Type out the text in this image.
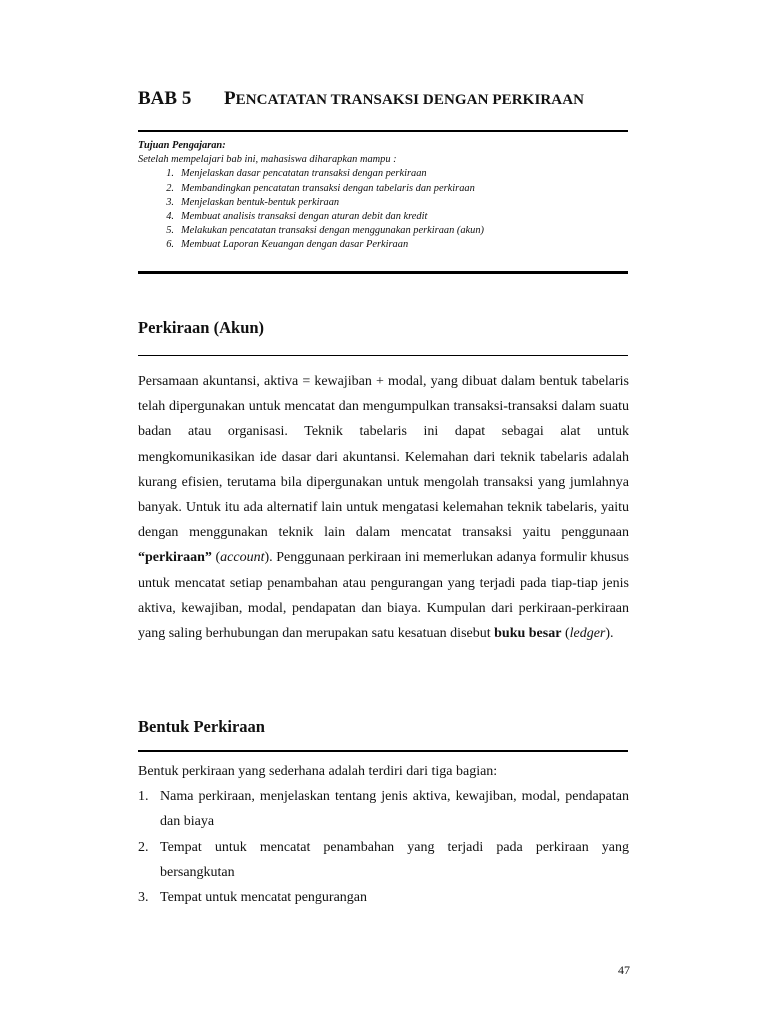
BAB 5 PENCATATAN TRANSAKSI DENGAN PERKIRAAN
Tujuan Pengajaran:
Setelah mempelajari bab ini, mahasiswa diharapkan mampu :
1. Menjelaskan dasar pencatatan transaksi dengan perkiraan
2. Membandingkan pencatatan transaksi dengan tabelaris dan perkiraan
3. Menjelaskan bentuk-bentuk perkiraan
4. Membuat analisis transaksi dengan aturan debit dan kredit
5. Melakukan pencatatan transaksi dengan menggunakan perkiraan (akun)
6. Membuat Laporan Keuangan dengan dasar Perkiraan
Perkiraan (Akun)
Persamaan akuntansi, aktiva = kewajiban + modal, yang dibuat dalam bentuk tabelaris telah dipergunakan untuk mencatat dan mengumpulkan transaksi-transaksi dalam suatu badan atau organisasi. Teknik tabelaris ini dapat sebagai alat untuk mengkomunikasikan ide dasar dari akuntansi. Kelemahan dari teknik tabelaris adalah kurang efisien, terutama bila dipergunakan untuk mengolah transaksi yang jumlahnya banyak. Untuk itu ada alternatif lain untuk mengatasi kelemahan teknik tabelaris, yaitu dengan menggunakan teknik lain dalam mencatat transaksi yaitu penggunaan “perkiraan” (account). Penggunaan perkiraan ini memerlukan adanya formulir khusus untuk mencatat setiap penambahan atau pengurangan yang terjadi pada tiap-tiap jenis aktiva, kewajiban, modal, pendapatan dan biaya. Kumpulan dari perkiraan-perkiraan yang saling berhubungan dan merupakan satu kesatuan disebut buku besar (ledger).
Bentuk Perkiraan
Bentuk perkiraan yang sederhana adalah terdiri dari tiga bagian:
1. Nama perkiraan, menjelaskan tentang jenis aktiva, kewajiban, modal, pendapatan dan biaya
2. Tempat untuk mencatat penambahan yang terjadi pada perkiraan yang bersangkutan
3. Tempat untuk mencatat pengurangan
47
